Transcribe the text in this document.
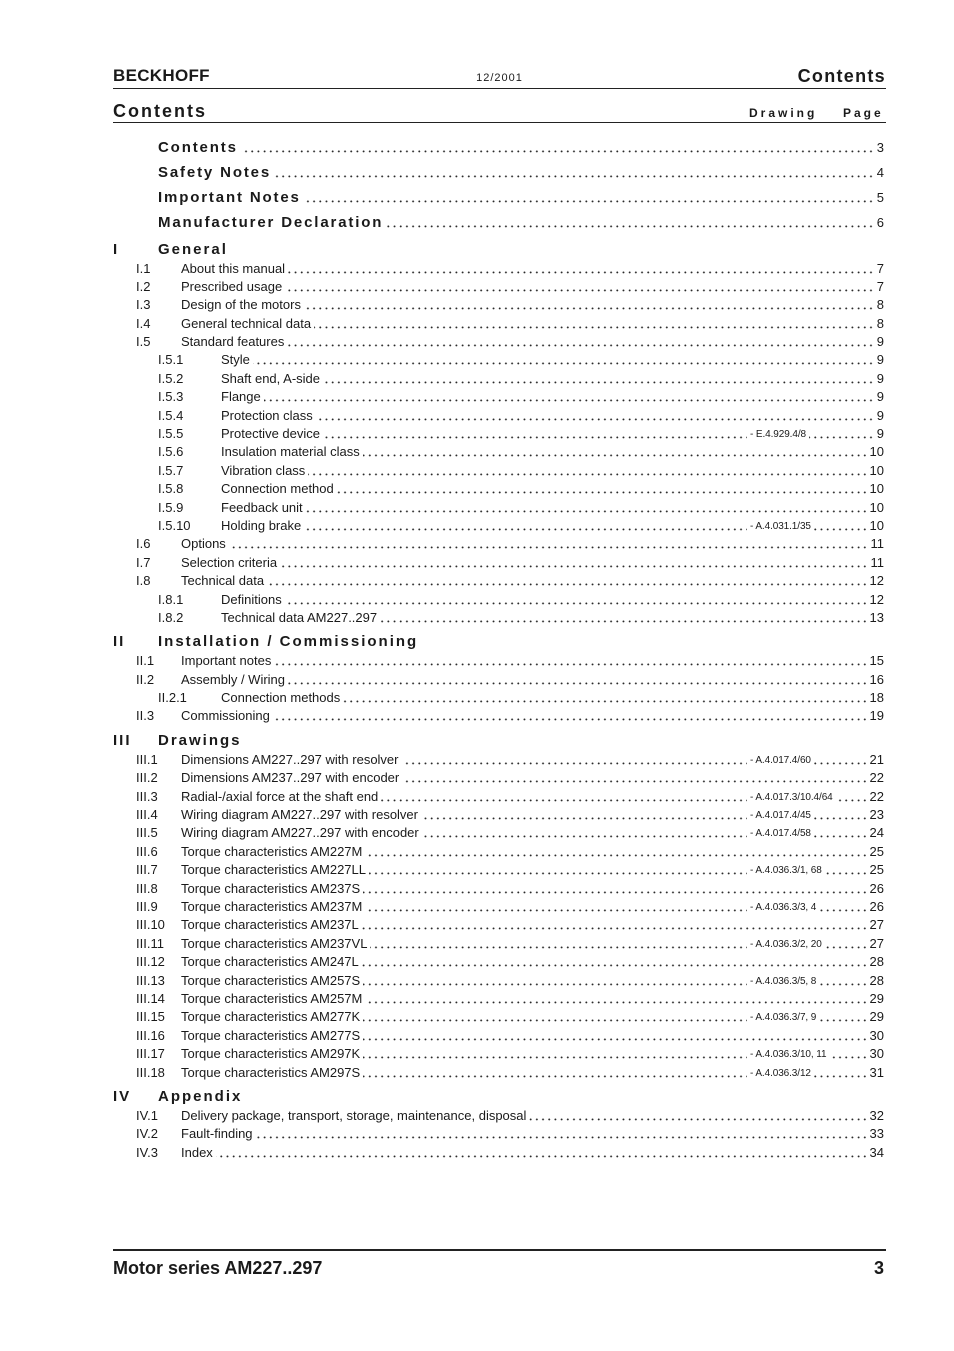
BECKHOFF	12/2001	Contents
Contents	Drawing Page
Contents	3
Safety Notes	4
Important Notes	5
Manufacturer Declaration	6
I	General
I.1	About this manual	7
I.2	Prescribed usage	7
I.3	Design of the motors	8
I.4	General technical data	8
I.5	Standard features	9
I.5.1	Style	9
I.5.2	Shaft end, A-side	9
I.5.3	Flange	9
I.5.4	Protection class	9
I.5.5	Protective device	- E.4.929.4/8	9
I.5.6	Insulation material class	10
I.5.7	Vibration class	10
I.5.8	Connection method	10
I.5.9	Feedback unit	10
I.5.10	Holding brake	- A.4.031.1/35	10
I.6	Options	11
I.7	Selection criteria	11
I.8	Technical data	12
I.8.1	Definitions	12
I.8.2	Technical data AM227..297	13
II	Installation / Commissioning
II.1	Important notes	15
II.2	Assembly / Wiring	16
II.2.1	Connection methods	18
II.3	Commissioning	19
III	Drawings
III.1	Dimensions AM227..297 with resolver	- A.4.017.4/60	21
III.2	Dimensions AM237..297 with encoder	22
III.3	Radial-/axial force at the shaft end	- A.4.017.3/10.4/64	22
III.4	Wiring diagram AM227..297 with resolver	- A.4.017.4/45	23
III.5	Wiring diagram AM227..297 with encoder	- A.4.017.4/58	24
III.6	Torque characteristics AM227M	25
III.7	Torque characteristics AM227LL	- A.4.036.3/1, 68	25
III.8	Torque characteristics AM237S	26
III.9	Torque characteristics AM237M	- A.4.036.3/3, 4	26
III.10	Torque characteristics AM237L	27
III.11	Torque characteristics AM237VL	- A.4.036.3/2, 20	27
III.12	Torque characteristics AM247L	28
III.13	Torque characteristics AM257S	- A.4.036.3/5, 8	28
III.14	Torque characteristics AM257M	29
III.15	Torque characteristics AM277K	- A.4.036.3/7, 9	29
III.16	Torque characteristics AM277S	30
III.17	Torque characteristics AM297K	- A.4.036.3/10, 11	30
III.18	Torque characteristics AM297S	- A.4.036.3/12	31
IV	Appendix
IV.1	Delivery package, transport, storage, maintenance, disposal	32
IV.2	Fault-finding	33
IV.3	Index	34
Motor series AM227..297	3
